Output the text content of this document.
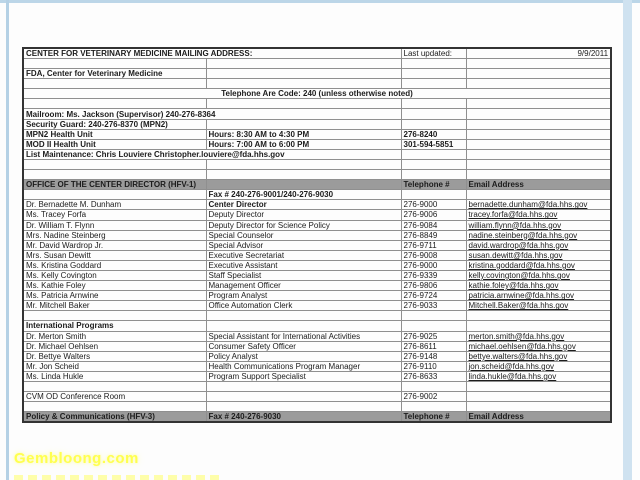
CENTER FOR VETERINARY MEDICINE MAILING ADDRESS:		Last updated:	9/9/2011

FDA, Center for Veterinary Medicine			

Telephone Are Code: 240 (unless otherwise noted)			

Mailroom: Ms. Jackson (Supervisor) 240-276-8364			
Security Guard: 240-276-8370 (MPN2)			
MPN2 Health Unit	Hours: 8:30 AM to 4:30 PM	276-8240	
MOD II Health Unit	Hours: 7:00 AM to 6:00 PM	301-594-5851	
List Maintenance: Chris Louviere Christopher.louviere@fda.hhs.gov			

OFFICE OF THE CENTER DIRECTOR (HFV-1)		Telephone #	Email Address
	Fax # 240-276-9001/240-276-9030		
Dr. Bernadette M. Dunham	Center Director	276-9000	bernadette.dunham@fda.hhs.gov
Ms. Tracey Forfa	Deputy Director	276-9006	tracey.forfa@fda.hhs.gov
Dr. William T. Flynn	Deputy Director for Science Policy	276-9084	william.flynn@fda.hhs.gov
Mrs. Nadine Steinberg	Special Counselor	276-8849	nadine.steinberg@fda.hhs.gov
Mr. David Wardrop Jr.	Special Advisor	276-9711	david.wardrop@fda.hhs.gov
Mrs. Susan Dewitt	Executive Secretariat	276-9008	susan.dewitt@fda.hhs.gov
Ms. Kristina Goddard	Executive Assistant	276-9000	kristina.goddard@fda.hhs.gov
Ms. Kelly Covington	Staff Specialist	276-9339	kelly.covington@fda.hhs.gov
Ms. Kathie Foley	Management Officer	276-9806	kathie.foley@fda.hhs.gov
Ms. Patricia Arnwine	Program Analyst	276-9724	patricia.arnwine@fda.hhs.gov
Mr. Mitchell Baker	Office Automation Clerk	276-9033	Mitchell.Baker@fda.hhs.gov

International Programs			
Dr. Merton Smith	Special Assistant for International Activities	276-9025	merton.smith@fda.hhs.gov
Dr. Michael Oehlsen	Consumer Safety Officer	276-8611	michael.oehlsen@fda.hhs.gov
Dr. Bettye Walters	Policy Analyst	276-9148	bettye.walters@fda.hhs.gov
Mr. Jon Scheid	Health Communications Program Manager	276-9110	jon.scheid@fda.hhs.gov
Ms. Linda Hukle	Program Support Specialist	276-8633	linda.hukle@fda.hhs.gov

CVM OD Conference Room		276-9002	

Policy & Communications (HFV-3)	Fax # 240-276-9030	Telephone #	Email Address
Gembloong.com
